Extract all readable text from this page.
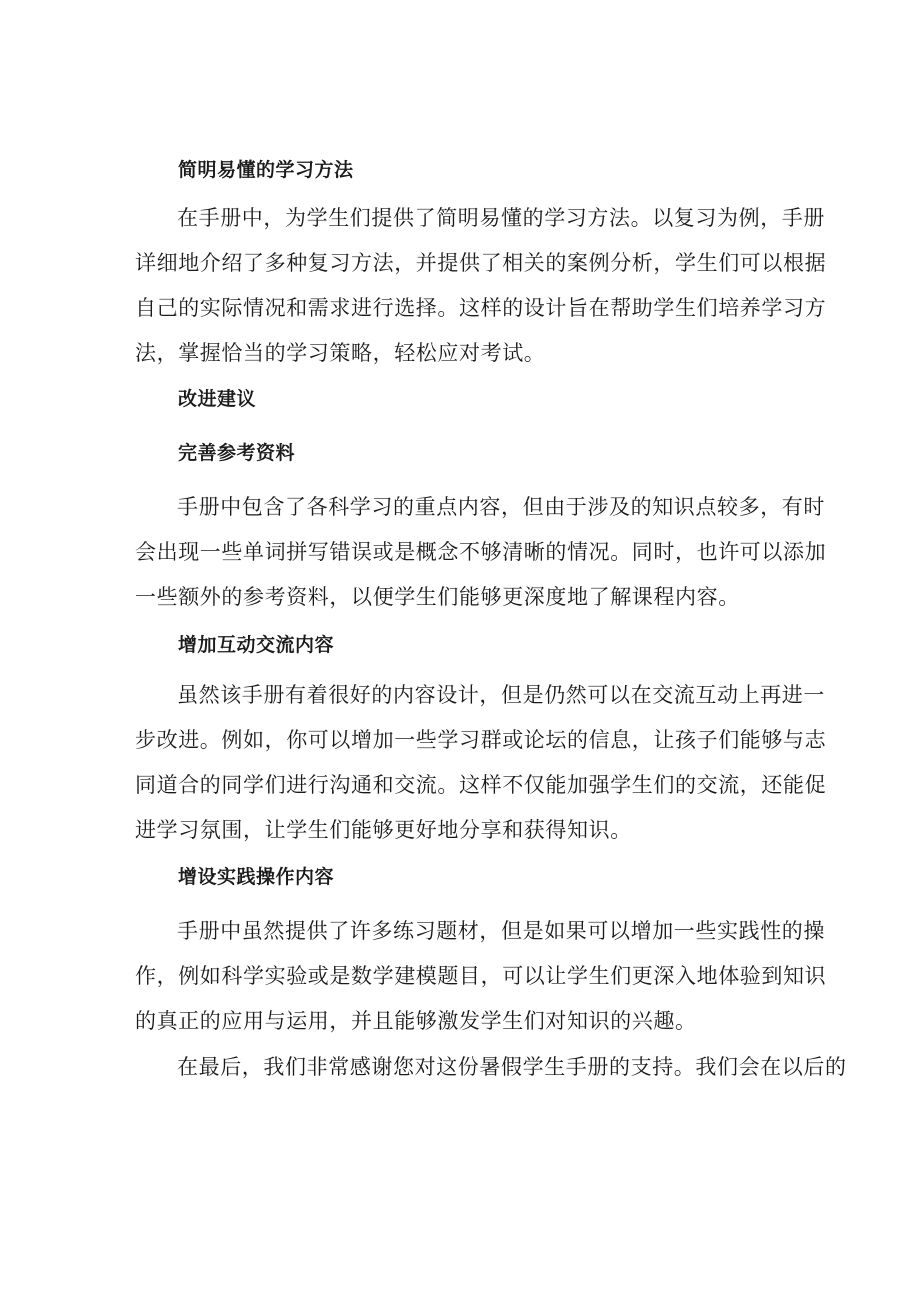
简明易懂的学习方法

在手册中，为学生们提供了简明易懂的学习方法。以复习为例，手册
详细地介绍了多种复习方法，并提供了相关的案例分析，学生们可以根据
自己的实际情况和需求进行选择。这样的设计旨在帮助学生们培养学习方
法，掌握恰当的学习策略，轻松应对考试。

改进建议
完善参考资料

手册中包含了各科学习的重点内容，但由于涉及的知识点较多，有时
会出现一些单词拼写错误或是概念不够清晰的情况。同时，也许可以添加
一些额外的参考资料，以便学生们能够更深度地了解课程内容。

增加互动交流内容

虽然该手册有着很好的内容设计，但是仍然可以在交流互动上再进一
步改进。例如，你可以增加一些学习群或论坛的信息，让孩子们能够与志
同道合的同学们进行沟通和交流。这样不仅能加强学生们的交流，还能促
进学习氛围，让学生们能够更好地分享和获得知识。

增设实践操作内容

手册中虽然提供了许多练习题材，但是如果可以增加一些实践性的操
作，例如科学实验或是数学建模题目，可以让学生们更深入地体验到知识
的真正的应用与运用，并且能够激发学生们对知识的兴趣。

在最后，我们非常感谢您对这份暑假学生手册的支持。我们会在以后的
